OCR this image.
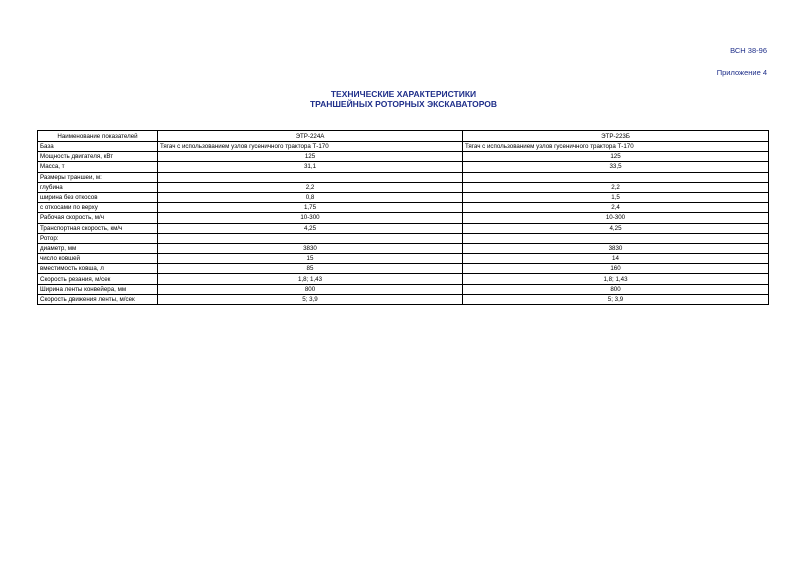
ВСН 38-96
Приложение 4
ТЕХНИЧЕСКИЕ ХАРАКТЕРИСТИКИ
ТРАНШЕЙНЫХ РОТОРНЫХ ЭКСКАВАТОРОВ
Наименование показателей	ЭТР-224А	ЭТР-223Б
База	Тягач с использованием узлов гусеничного трактора Т-170	Тягач с использованием узлов гусеничного трактора Т-170
Мощность двигателя, кВт	125	125
Масса, т	31,1	33,5
Размеры траншеи, м:		
глубина	2,2	2,2
ширина без откосов	0,8	1,5
с откосами по верху	1,75	2,4
Рабочая скорость, м/ч	10-300	10-300
Транспортная скорость, км/ч	4,25	4,25
Ротор:		
диаметр, мм	3830	3830
число ковшей	15	14
вместимость ковша, л	85	160
Скорость резания, м/сек	1,8; 1,43	1,8; 1,43
Ширина ленты конвейера, мм	800	800
Скорость движения ленты, м/сек	5; 3,9	5; 3,9
